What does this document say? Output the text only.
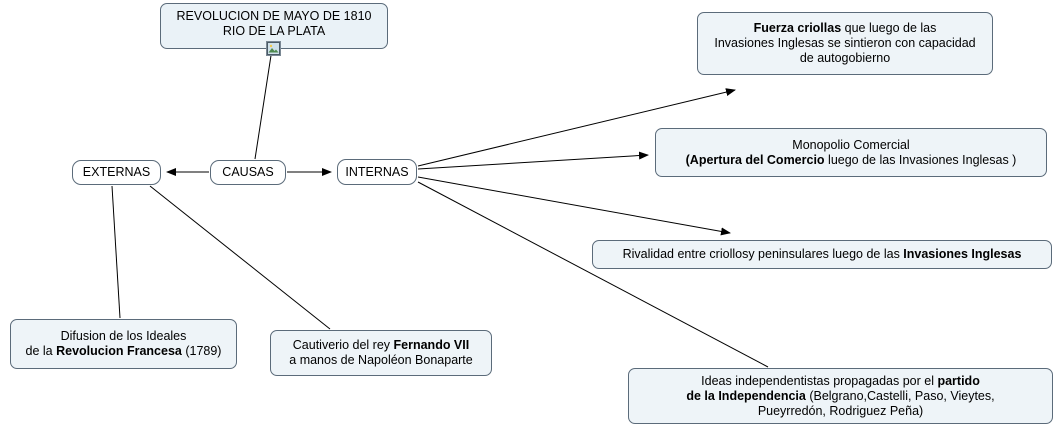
REVOLUCION DE MAYO DE 1810
RIO DE LA PLATA
EXTERNAS	CAUSAS	INTERNAS
Fuerza criollas que luego de las
Invasiones Inglesas se sintieron con capacidad
de autogobierno
Monopolio Comercial
(Apertura del Comercio luego de las Invasiones Inglesas )
Rivalidad entre criollosy peninsulares luego de las Invasiones Inglesas
Ideas independentistas propagadas por el partido
de la Independencia (Belgrano,Castelli, Paso, Vieytes,
Pueyrredón, Rodriguez Peña)
Difusion de los Ideales
de la Revolucion Francesa (1789)	Cautiverio del rey Fernando VII
a manos de Napoléon Bonaparte
